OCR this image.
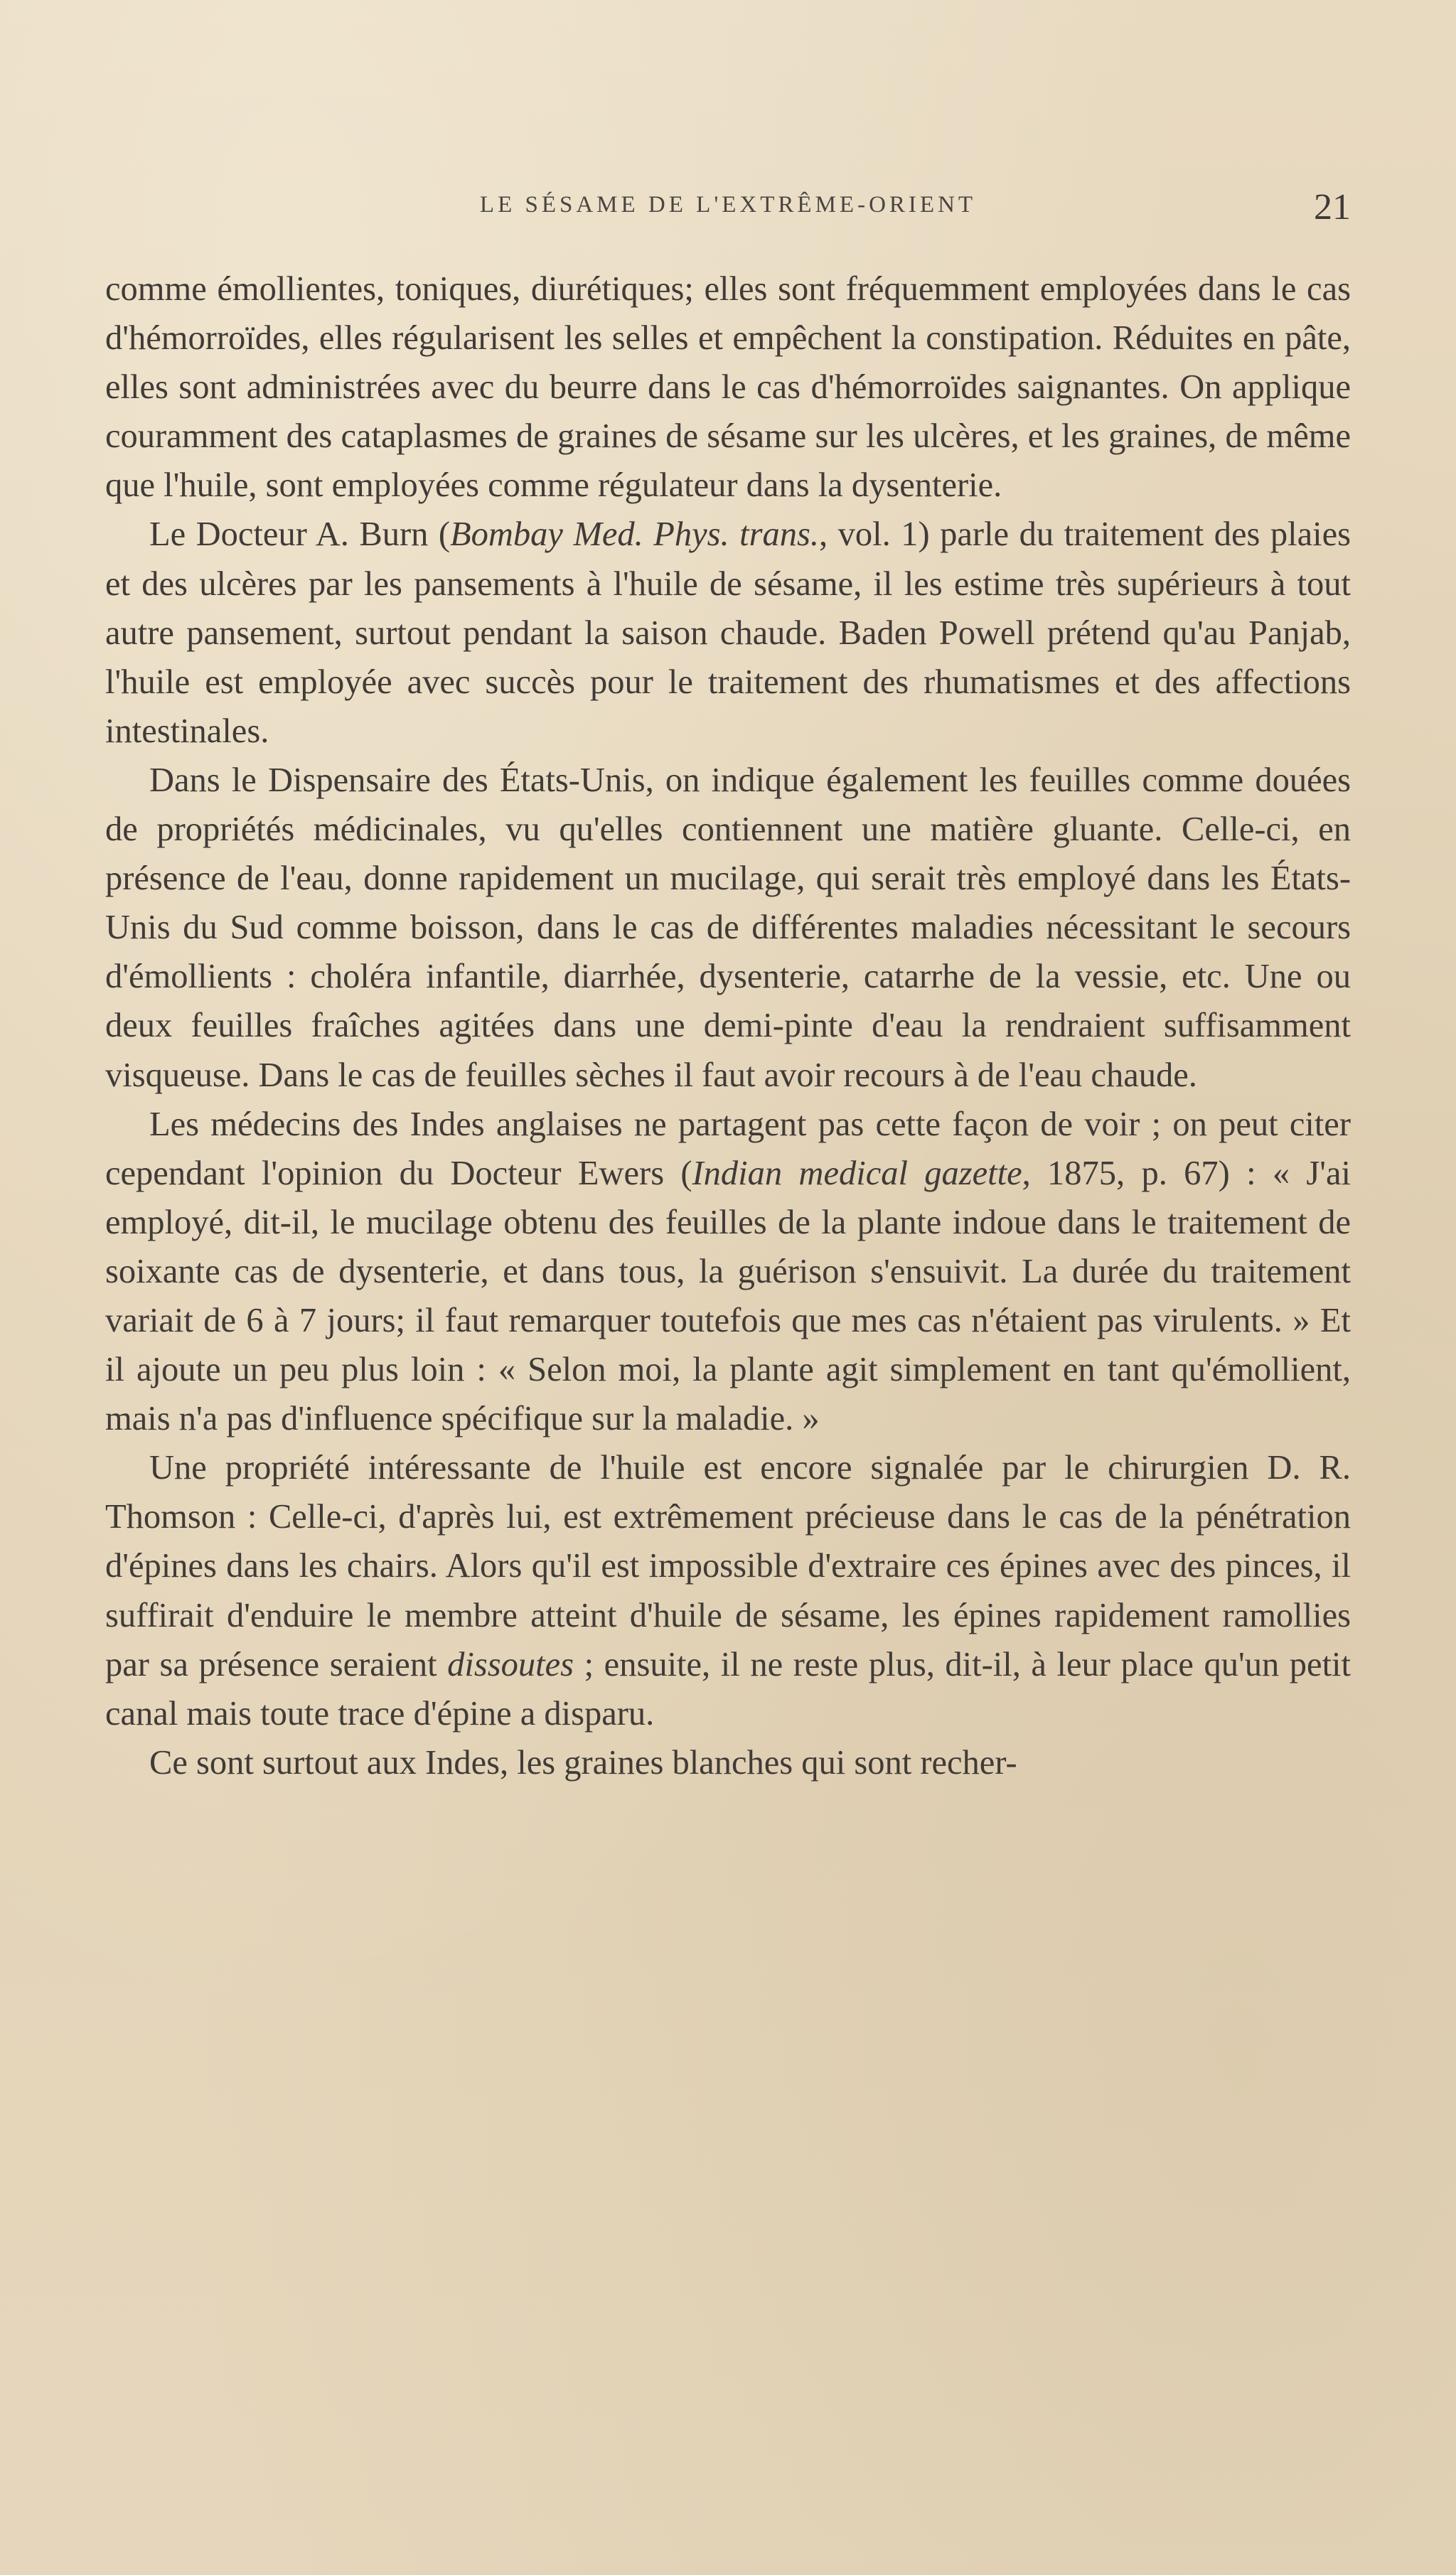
LE SÉSAME DE L'EXTRÊME-ORIENT	21

comme émollientes, toniques, diurétiques; elles sont fréquemment employées dans le cas d'hémorroïdes, elles régularisent les selles et empêchent la constipation. Réduites en pâte, elles sont administrées avec du beurre dans le cas d'hémorroïdes saignantes. On applique couramment des cataplasmes de graines de sésame sur les ulcères, et les graines, de même que l'huile, sont employées comme régulateur dans la dysenterie.

Le Docteur A. Burn (Bombay Med. Phys. trans., vol. 1) parle du traitement des plaies et des ulcères par les pansements à l'huile de sésame, il les estime très supérieurs à tout autre pansement, surtout pendant la saison chaude. Baden Powell prétend qu'au Panjab, l'huile est employée avec succès pour le traitement des rhumatismes et des affections intestinales.

Dans le Dispensaire des États-Unis, on indique également les feuilles comme douées de propriétés médicinales, vu qu'elles contiennent une matière gluante. Celle-ci, en présence de l'eau, donne rapidement un mucilage, qui serait très employé dans les États-Unis du Sud comme boisson, dans le cas de différentes maladies nécessitant le secours d'émollients : choléra infantile, diarrhée, dysenterie, catarrhe de la vessie, etc. Une ou deux feuilles fraîches agitées dans une demi-pinte d'eau la rendraient suffisamment visqueuse. Dans le cas de feuilles sèches il faut avoir recours à de l'eau chaude.

Les médecins des Indes anglaises ne partagent pas cette façon de voir ; on peut citer cependant l'opinion du Docteur Ewers (Indian medical gazette, 1875, p. 67) : « J'ai employé, dit-il, le mucilage obtenu des feuilles de la plante indoue dans le traitement de soixante cas de dysenterie, et dans tous, la guérison s'ensuivit. La durée du traitement variait de 6 à 7 jours; il faut remarquer toutefois que mes cas n'étaient pas virulents. » Et il ajoute un peu plus loin : « Selon moi, la plante agit simplement en tant qu'émollient, mais n'a pas d'influence spécifique sur la maladie. »

Une propriété intéressante de l'huile est encore signalée par le chirurgien D. R. Thomson : Celle-ci, d'après lui, est extrêmement précieuse dans le cas de la pénétration d'épines dans les chairs. Alors qu'il est impossible d'extraire ces épines avec des pinces, il suffirait d'enduire le membre atteint d'huile de sésame, les épines rapidement ramollies par sa présence seraient dissoutes ; ensuite, il ne reste plus, dit-il, à leur place qu'un petit canal mais toute trace d'épine a disparu.

Ce sont surtout aux Indes, les graines blanches qui sont recher-
